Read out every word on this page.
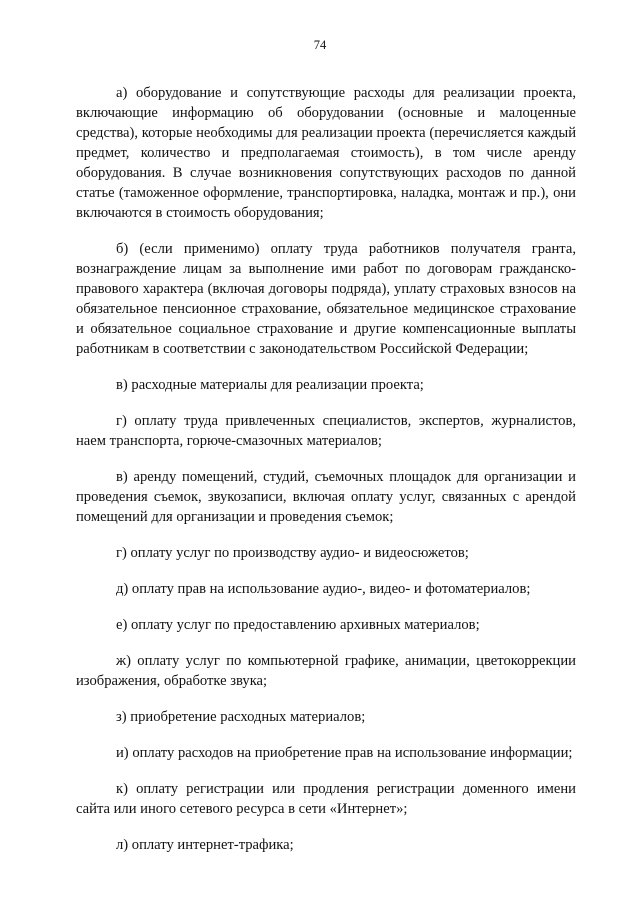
74

а) оборудование и сопутствующие расходы для реализации проекта, включающие информацию об оборудовании (основные и малоценные средства), которые необходимы для реализации проекта (перечисляется каждый предмет, количество и предполагаемая стоимость), в том числе аренду оборудования. В случае возникновения сопутствующих расходов по данной статье (таможенное оформление, транспортировка, наладка, монтаж и пр.), они включаются в стоимость оборудования;

б) (если применимо) оплату труда работников получателя гранта, вознаграждение лицам за выполнение ими работ по договорам гражданско-правового характера (включая договоры подряда), уплату страховых взносов на обязательное пенсионное страхование, обязательное медицинское страхование и обязательное социальное страхование и другие компенсационные выплаты работникам в соответствии с законодательством Российской Федерации;

в) расходные материалы для реализации проекта;

г) оплату труда привлеченных специалистов, экспертов, журналистов, наем транспорта, горюче-смазочных материалов;

в) аренду помещений, студий, съемочных площадок для организации и проведения съемок, звукозаписи, включая оплату услуг, связанных с арендой помещений для организации и проведения съемок;

г) оплату услуг по производству аудио- и видеосюжетов;

д) оплату прав на использование аудио-, видео- и фотоматериалов;

е) оплату услуг по предоставлению архивных материалов;

ж) оплату услуг по компьютерной графике, анимации, цветокоррекции изображения, обработке звука;

з) приобретение расходных материалов;

и) оплату расходов на приобретение прав на использование информации;

к) оплату регистрации или продления регистрации доменного имени сайта или иного сетевого ресурса в сети «Интернет»;

л) оплату интернет-трафика;
